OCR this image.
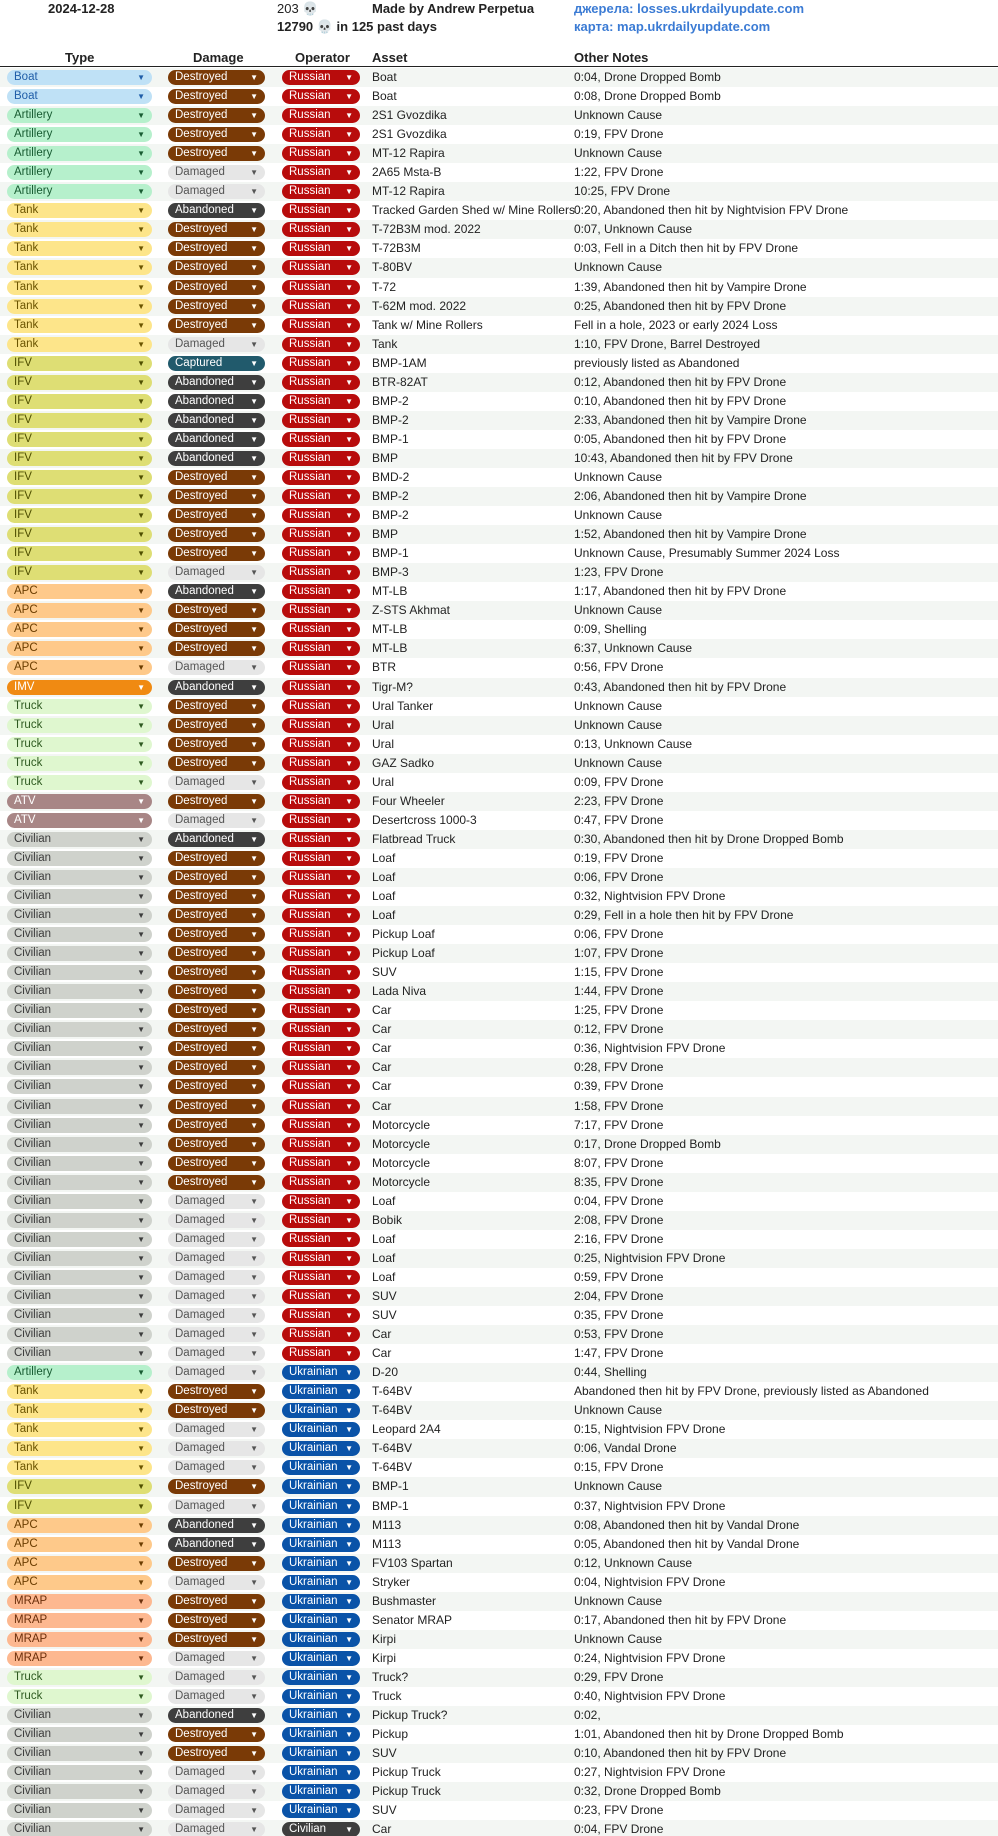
2024-12-28	203 💀
12790 💀 in 125 past days
Made by Andrew Perpetua	джерела: losses.ukrdailyupdate.com
карта: map.ukrdailyupdate.com
Type	Damage	Operator Asset	Other Notes
Boat	▼	Destroyed	▼	Russian ▼ Boat	0:04, Drone Dropped Bomb
Boat	▼	Destroyed	▼	Russian ▼ Boat	0:08, Drone Dropped Bomb
Artillery	▼	Destroyed	▼	Russian ▼ 2S1 Gvozdika	Unknown Cause
Artillery	▼	Destroyed	▼	Russian ▼ 2S1 Gvozdika	0:19, FPV Drone
Artillery	▼	Destroyed	▼	Russian ▼ MT-12 Rapira	Unknown Cause
Artillery	▼	Damaged	▼	Russian ▼ 2A65 Msta-B	1:22, FPV Drone
Artillery	▼	Damaged	▼	Russian ▼ MT-12 Rapira	10:25, FPV Drone
Tank	▼	Abandoned ▼	Russian ▼ Tracked Garden Shed w/ Mine Rollers 0:20, Abandoned then hit by Nightvision FPV Drone
Tank	▼	Destroyed	▼	Russian ▼ T-72B3M mod. 2022	0:07, Unknown Cause
Tank	▼	Destroyed	▼	Russian ▼ T-72B3M	0:03, Fell in a Ditch then hit by FPV Drone
Tank	▼	Destroyed	▼	Russian ▼ T-80BV	Unknown Cause
Tank	▼	Destroyed	▼	Russian ▼ T-72	1:39, Abandoned then hit by Vampire Drone
Tank	▼	Destroyed	▼	Russian ▼ T-62M mod. 2022	0:25, Abandoned then hit by FPV Drone
Tank	▼	Destroyed	▼	Russian ▼ Tank w/ Mine Rollers	Fell in a hole, 2023 or early 2024 Loss
Tank	▼	Damaged	▼	Russian ▼ Tank	1:10, FPV Drone, Barrel Destroyed
IFV	▼	Captured	▼	Russian ▼ BMP-1AM	previously listed as Abandoned
IFV	▼	Abandoned ▼	Russian ▼ BTR-82AT	0:12, Abandoned then hit by FPV Drone
IFV	▼	Abandoned ▼	Russian ▼ BMP-2	0:10, Abandoned then hit by FPV Drone
IFV	▼	Abandoned ▼	Russian ▼ BMP-2	2:33, Abandoned then hit by Vampire Drone
IFV	▼	Abandoned ▼	Russian ▼ BMP-1	0:05, Abandoned then hit by FPV Drone
IFV	▼	Abandoned ▼	Russian ▼ BMP	10:43, Abandoned then hit by FPV Drone
IFV	▼	Destroyed	▼	Russian ▼ BMD-2	Unknown Cause
IFV	▼	Destroyed	▼	Russian ▼ BMP-2	2:06, Abandoned then hit by Vampire Drone
IFV	▼	Destroyed	▼	Russian ▼ BMP-2	Unknown Cause
IFV	▼	Destroyed	▼	Russian ▼ BMP	1:52, Abandoned then hit by Vampire Drone
IFV	▼	Destroyed	▼	Russian ▼ BMP-1	Unknown Cause, Presumably Summer 2024 Loss
IFV	▼	Damaged	▼	Russian ▼ BMP-3	1:23, FPV Drone
APC	▼	Abandoned ▼	Russian ▼ MT-LB	1:17, Abandoned then hit by FPV Drone
APC	▼	Destroyed	▼	Russian ▼ Z-STS Akhmat	Unknown Cause
APC	▼	Destroyed	▼	Russian ▼ MT-LB	0:09, Shelling
APC	▼	Destroyed	▼	Russian ▼ MT-LB	6:37, Unknown Cause
APC	▼	Damaged	▼	Russian ▼ BTR	0:56, FPV Drone
IMV	▼	Abandoned ▼	Russian ▼ Tigr-M?	0:43, Abandoned then hit by FPV Drone
Truck	▼	Destroyed	▼	Russian ▼ Ural Tanker	Unknown Cause
Truck	▼	Destroyed	▼	Russian ▼ Ural	Unknown Cause
Truck	▼	Destroyed	▼	Russian ▼ Ural	0:13, Unknown Cause
Truck	▼	Destroyed	▼	Russian ▼ GAZ Sadko	Unknown Cause
Truck	▼	Damaged	▼	Russian ▼ Ural	0:09, FPV Drone
ATV	▼	Destroyed	▼	Russian ▼ Four Wheeler	2:23, FPV Drone
ATV	▼	Damaged	▼	Russian ▼ Desertcross 1000-3	0:47, FPV Drone
Civilian	▼	Abandoned ▼	Russian ▼ Flatbread Truck	0:30, Abandoned then hit by Drone Dropped Bomb
Civilian	▼	Destroyed	▼	Russian ▼ Loaf	0:19, FPV Drone
Civilian	▼	Destroyed	▼	Russian ▼ Loaf	0:06, FPV Drone
Civilian	▼	Destroyed	▼	Russian ▼ Loaf	0:32, Nightvision FPV Drone
Civilian	▼	Destroyed	▼	Russian ▼ Loaf	0:29, Fell in a hole then hit by FPV Drone
Civilian	▼	Destroyed	▼	Russian ▼ Pickup Loaf	0:06, FPV Drone
Civilian	▼	Destroyed	▼	Russian ▼ Pickup Loaf	1:07, FPV Drone
Civilian	▼	Destroyed	▼	Russian ▼ SUV	1:15, FPV Drone
Civilian	▼	Destroyed	▼	Russian ▼ Lada Niva	1:44, FPV Drone
Civilian	▼	Destroyed	▼	Russian ▼ Car	1:25, FPV Drone
Civilian	▼	Destroyed	▼	Russian ▼ Car	0:12, FPV Drone
Civilian	▼	Destroyed	▼	Russian ▼ Car	0:36, Nightvision FPV Drone
Civilian	▼	Destroyed	▼	Russian ▼ Car	0:28, FPV Drone
Civilian	▼	Destroyed	▼	Russian ▼ Car	0:39, FPV Drone
Civilian	▼	Destroyed	▼	Russian ▼ Car	1:58, FPV Drone
Civilian	▼	Destroyed	▼	Russian ▼ Motorcycle	7:17, FPV Drone
Civilian	▼	Destroyed	▼	Russian ▼ Motorcycle	0:17, Drone Dropped Bomb
Civilian	▼	Destroyed	▼	Russian ▼ Motorcycle	8:07, FPV Drone
Civilian	▼	Destroyed	▼	Russian ▼ Motorcycle	8:35, FPV Drone
Civilian	▼	Damaged	▼	Russian ▼ Loaf	0:04, FPV Drone
Civilian	▼	Damaged	▼	Russian ▼ Bobik	2:08, FPV Drone
Civilian	▼	Damaged	▼	Russian ▼ Loaf	2:16, FPV Drone
Civilian	▼	Damaged	▼	Russian ▼ Loaf	0:25, Nightvision FPV Drone
Civilian	▼	Damaged	▼	Russian ▼ Loaf	0:59, FPV Drone
Civilian	▼	Damaged	▼	Russian ▼ SUV	2:04, FPV Drone
Civilian	▼	Damaged	▼	Russian ▼ SUV	0:35, FPV Drone
Civilian	▼	Damaged	▼	Russian ▼ Car	0:53, FPV Drone
Civilian	▼	Damaged	▼	Russian ▼ Car	1:47, FPV Drone
Artillery	▼	Damaged	▼	Ukrainian ▼ D-20	0:44, Shelling
Tank	▼	Destroyed	▼	Ukrainian ▼ T-64BV	Abandoned then hit by FPV Drone, previously listed as Abandoned
Tank	▼	Destroyed	▼	Ukrainian ▼ T-64BV	Unknown Cause
Tank	▼	Damaged	▼	Ukrainian ▼ Leopard 2A4	0:15, Nightvision FPV Drone
Tank	▼	Damaged	▼	Ukrainian ▼ T-64BV	0:06, Vandal Drone
Tank	▼	Damaged	▼	Ukrainian ▼ T-64BV	0:15, FPV Drone
IFV	▼	Destroyed	▼	Ukrainian ▼ BMP-1	Unknown Cause
IFV	▼	Damaged	▼	Ukrainian ▼ BMP-1	0:37, Nightvision FPV Drone
APC	▼	Abandoned ▼	Ukrainian ▼ M113	0:08, Abandoned then hit by Vandal Drone
APC	▼	Abandoned ▼	Ukrainian ▼ M113	0:05, Abandoned then hit by Vandal Drone
APC	▼	Destroyed	▼	Ukrainian ▼ FV103 Spartan	0:12, Unknown Cause
APC	▼	Damaged	▼	Ukrainian ▼ Stryker	0:04, Nightvision FPV Drone
MRAP	▼	Destroyed	▼	Ukrainian ▼ Bushmaster	Unknown Cause
MRAP	▼	Destroyed	▼	Ukrainian ▼ Senator MRAP	0:17, Abandoned then hit by FPV Drone
MRAP	▼	Destroyed	▼	Ukrainian ▼ Kirpi	Unknown Cause
MRAP	▼	Damaged	▼	Ukrainian ▼ Kirpi	0:24, Nightvision FPV Drone
Truck	▼	Damaged	▼	Ukrainian ▼ Truck?	0:29, FPV Drone
Truck	▼	Damaged	▼	Ukrainian ▼ Truck	0:40, Nightvision FPV Drone
Civilian	▼	Abandoned ▼	Ukrainian ▼ Pickup Truck?	0:02,
Civilian	▼	Destroyed	▼	Ukrainian ▼ Pickup	1:01, Abandoned then hit by Drone Dropped Bomb
Civilian	▼	Destroyed	▼	Ukrainian ▼ SUV	0:10, Abandoned then hit by FPV Drone
Civilian	▼	Damaged	▼	Ukrainian ▼ Pickup Truck	0:27, Nightvision FPV Drone
Civilian	▼	Damaged	▼	Ukrainian ▼ Pickup Truck	0:32, Drone Dropped Bomb
Civilian	▼	Damaged	▼	Ukrainian ▼ SUV	0:23, FPV Drone
Civilian	▼	Damaged	▼	Civilian ▼ Car	0:04, FPV Drone
